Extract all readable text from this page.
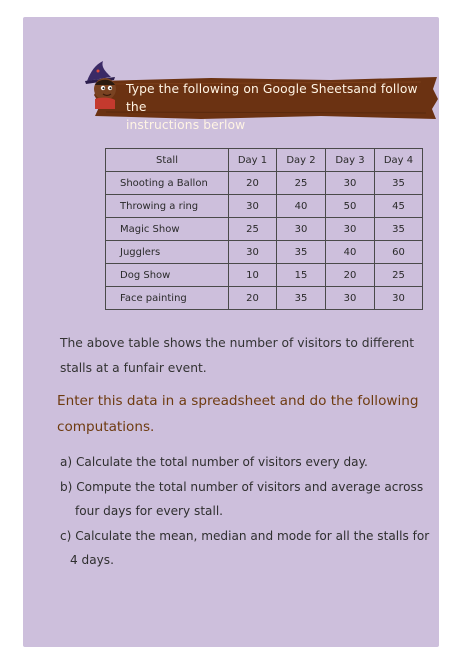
Type the following on Google Sheetsand follow the
instructions berlow
Stall	Day 1	Day 2	Day 3	Day 4
Shooting a Ballon	20	25	30	35
Throwing a ring	30	40	50	45
Magic Show	25	30	30	35
Jugglers	30	35	40	60
Dog Show	10	15	20	25
Face painting	20	35	30	30
The above table shows the number of visitors to different
stalls at a funfair event.
Enter this data in a spreadsheet and do the following
computations.
a) Calculate the total number of visitors every day.
b) Compute the total number of visitors and average across
four days for every stall.
c) Calculate the mean, median and mode for all the stalls for
4 days.
